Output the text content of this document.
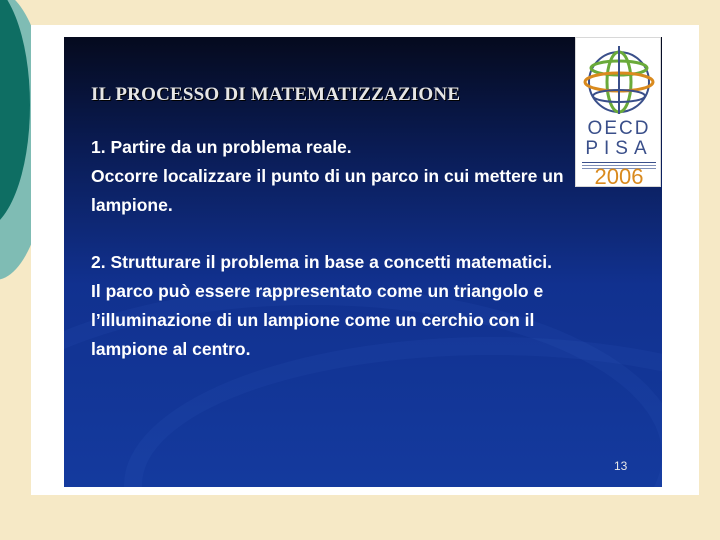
IL PROCESSO DI MATEMATIZZAZIONE
1. Partire da un problema reale.
Occorre localizzare il punto di un parco in cui mettere un
lampione.
2. Strutturare il problema in base a concetti matematici.
Il parco può essere rappresentato come un triangolo e
l’illuminazione di un lampione come un cerchio con il
lampione al centro.
13
OECD
PISA
2006
